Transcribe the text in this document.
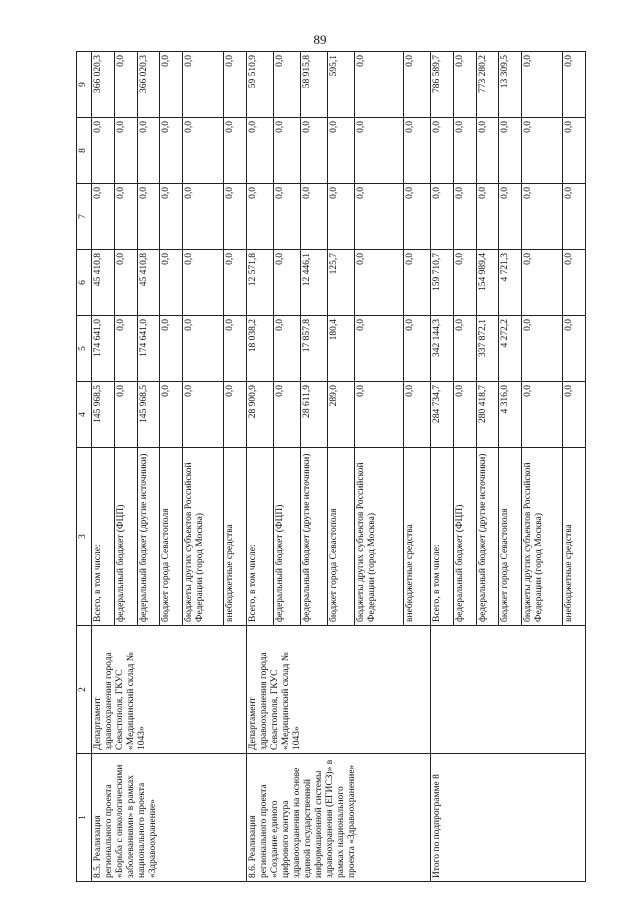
89
1	2	3	4	5	6	7	8	9
8.5. Реализация регионального проекта «Борьба с онкологическими заболеваниями» в рамках национального проекта «Здравоохранение»	Департамент здравоохранения города Севастополя, ГКУС «Медицинский склад № 1043»	Всего, в том числе:	145 968,5	174 641,0	45 410,8	0,0	0,0	366 020,3
		федеральный бюджет (ФЦП)	0,0	0,0	0,0	0,0	0,0	0,0
		федеральный бюджет (другие источники)	145 968,5	174 641,0	45 410,8	0,0	0,0	366 020,3
		бюджет города Севастополя	0,0	0,0	0,0	0,0	0,0	0,0
		бюджеты других субъектов Российской Федерации (город Москва)	0,0	0,0	0,0	0,0	0,0	0,0
		внебюджетные средства	0,0	0,0	0,0	0,0	0,0	0,0
8.6. Реализация регионального проекта «Создание единого цифрового контура здравоохранения на основе единой государственной информационной системы здравоохранения (ЕГИСЗ)» в рамках национального проекта «Здравоохранение»	Департамент здравоохранения города Севастополя, ГКУС «Медицинский склад № 1043»	Всего, в том числе:	28 900,9	18 038,2	12 571,8	0,0	0,0	59 510,9
		федеральный бюджет (ФЦП)	0,0	0,0	0,0	0,0	0,0	0,0
		федеральный бюджет (другие источники)	28 611,9	17 857,8	12 446,1	0,0	0,0	58 915,8
		бюджет города Севастополя	289,0	180,4	125,7	0,0	0,0	595,1
		бюджеты других субъектов Российской Федерации (город Москва)	0,0	0,0	0,0	0,0	0,0	0,0
		внебюджетные средства	0,0	0,0	0,0	0,0	0,0	0,0
Итого по подпрограмме 8		Всего, в том числе:	284 734,7	342 144,3	159 710,7	0,0	0,0	786 589,7
		федеральный бюджет (ФЦП)	0,0	0,0	0,0	0,0	0,0	0,0
		федеральный бюджет (другие источники)	280 418,7	337 872,1	154 989,4	0,0	0,0	773 280,2
		бюджет города Севастополя	4 316,0	4 272,2	4 721,3	0,0	0,0	13 309,5
		бюджеты других субъектов Российской Федерации (город Москва)	0,0	0,0	0,0	0,0	0,0	0,0
		внебюджетные средства	0,0	0,0	0,0	0,0	0,0	0,0
